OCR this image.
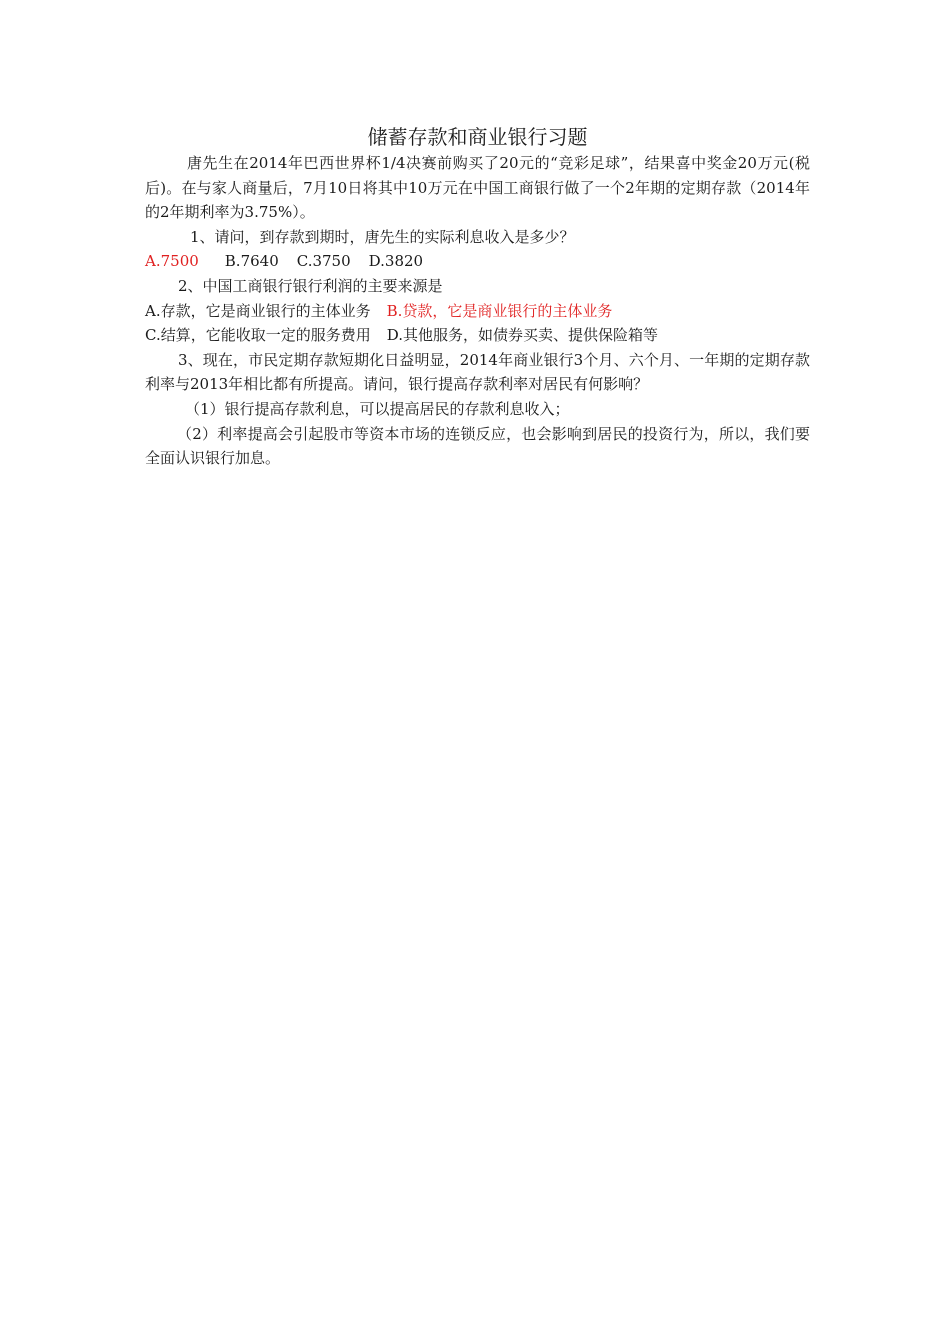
储蓄存款和商业银行习题

唐先生在2014年巴西世界杯1/4决赛前购买了20元的“竞彩足球”，结果喜中奖金20万元(税后)。在与家人商量后，7月10日将其中10万元在中国工商银行做了一个2年期的定期存款（2014年的2年期利率为3.75%）。

1、请问，到存款到期时，唐先生的实际利息收入是多少？

A.7500 B.7640 C.3750 D.3820

2、中国工商银行银行利润的主要来源是

A.存款，它是商业银行的主体业务 B.贷款，它是商业银行的主体业务

C.结算，它能收取一定的服务费用 D.其他服务，如债券买卖、提供保险箱等

3、现在，市民定期存款短期化日益明显，2014年商业银行3个月、六个月、一年期的定期存款利率与2013年相比都有所提高。请问，银行提高存款利率对居民有何影响？

（1）银行提高存款利息，可以提高居民的存款利息收入；

（2）利率提高会引起股市等资本市场的连锁反应，也会影响到居民的投资行为，所以，我们要全面认识银行加息。
